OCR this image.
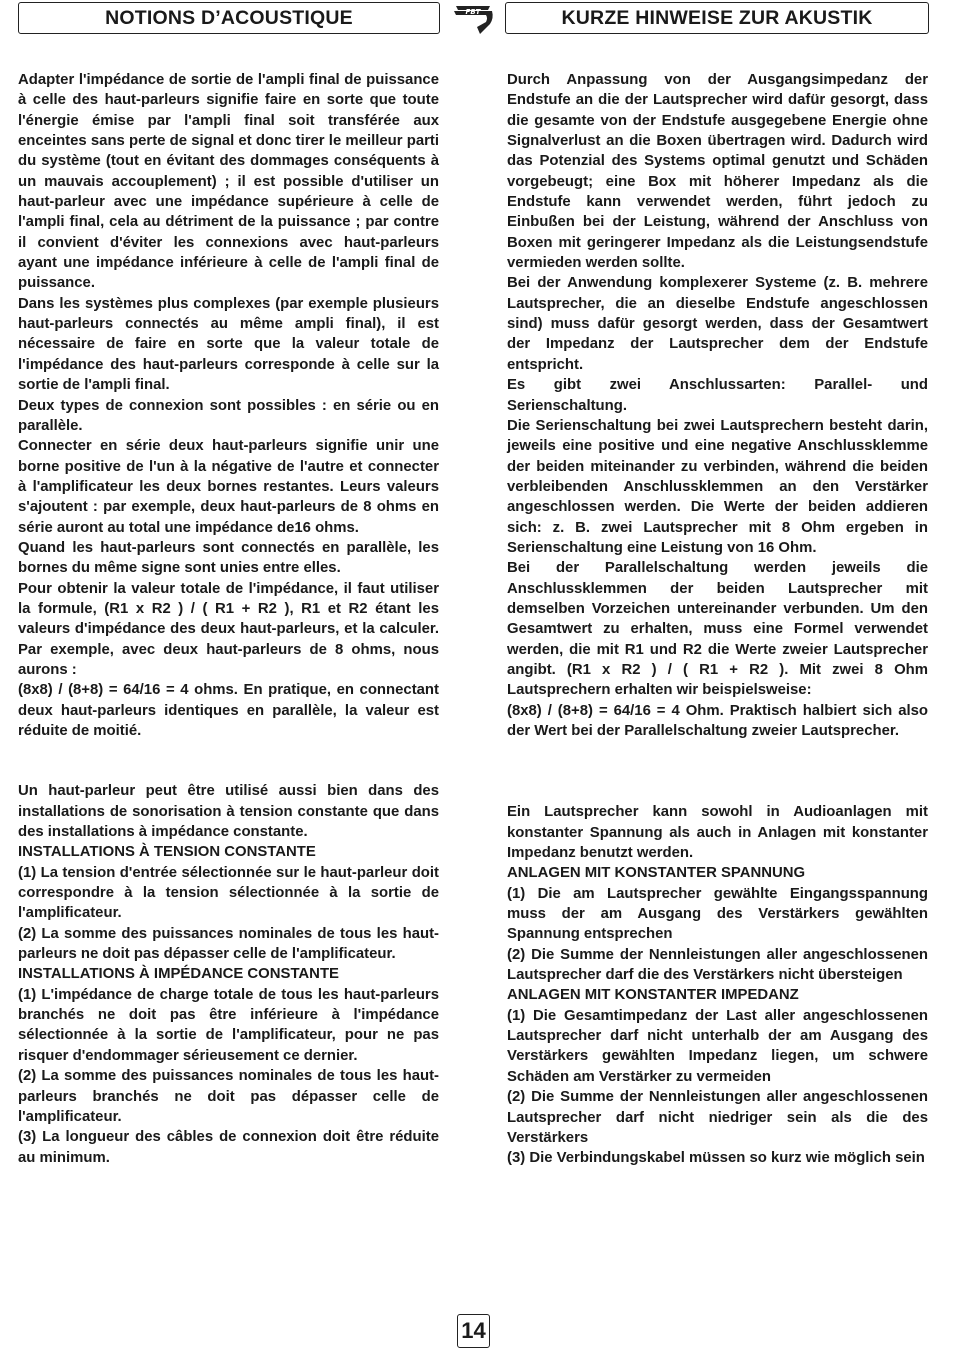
NOTIONS D’ACOUSTIQUE	FBT	KURZE HINWEISE ZUR AKUSTIK

Adapter l'impédance de sortie de l'ampli final de puissance à celle des haut-parleurs signifie faire en sorte que toute l'énergie émise par l'ampli final soit transférée aux enceintes sans perte de signal et donc tirer le meilleur parti du système (tout en évitant des dommages conséquents à un mauvais accouplement) ; il est possible d'utiliser un haut-parleur avec une impédance supérieure à celle de l'ampli final, cela au détriment de la puissance ; par contre il convient d'éviter les connexions avec haut-parleurs ayant une impédance inférieure à celle de l'ampli final de puissance.

Dans les systèmes plus complexes (par exemple plusieurs haut-parleurs connectés au même ampli final), il est nécessaire de faire en sorte que la valeur totale de l'impédance des haut-parleurs corresponde à celle sur la sortie de l'ampli final.

Deux types de connexion sont possibles : en série ou en parallèle.

Connecter en série deux haut-parleurs signifie unir une borne positive de l'un à la négative de l'autre et connecter à l'amplificateur les deux bornes restantes. Leurs valeurs s'ajoutent : par exemple, deux haut-parleurs de 8 ohms en série auront au total une impédance de16 ohms.

Quand les haut-parleurs sont connectés en parallèle, les bornes du même signe sont unies entre elles.

Pour obtenir la valeur totale de l'impédance, il faut utiliser la formule, (R1 x R2 ) / ( R1 + R2 ), R1 et R2 étant les valeurs d'impédance des deux haut-parleurs, et la calculer. Par exemple, avec deux haut-parleurs de 8 ohms, nous aurons :

(8x8) / (8+8) = 64/16 = 4 ohms. En pratique, en connectant deux haut-parleurs identiques en parallèle, la valeur est réduite de moitié.

Un haut-parleur peut être utilisé aussi bien dans des installations de sonorisation à tension constante que dans des installations à impédance constante.

INSTALLATIONS À TENSION CONSTANTE

(1) La tension d'entrée sélectionnée sur le haut-parleur doit correspondre à la tension sélectionnée à la sortie de l'amplificateur.

(2) La somme des puissances nominales de tous les haut-parleurs ne doit pas dépasser celle de l'amplificateur.

INSTALLATIONS À IMPÉDANCE CONSTANTE

(1) L'impédance de charge totale de tous les haut-parleurs branchés ne doit pas être inférieure à l'impédance sélectionnée à la sortie de l'amplificateur, pour ne pas risquer d'endommager sérieusement ce dernier.

(2) La somme des puissances nominales de tous les haut-parleurs branchés ne doit pas dépasser celle de l'amplificateur.

(3) La longueur des câbles de connexion doit être réduite au minimum.

Durch Anpassung von der Ausgangsimpedanz der Endstufe an die der Lautsprecher wird dafür gesorgt, dass die gesamte von der Endstufe ausgegebene Energie ohne Signalverlust an die Boxen übertragen wird. Dadurch wird das Potenzial des Systems optimal genutzt und Schäden vorgebeugt; eine Box mit höherer Impedanz als die Endstufe kann verwendet werden, führt jedoch zu Einbußen bei der Leistung, während der Anschluss von Boxen mit geringerer Impedanz als die Leistungsendstufe vermieden werden sollte.

Bei der Anwendung komplexerer Systeme (z. B. mehrere Lautsprecher, die an dieselbe Endstufe angeschlossen sind) muss dafür gesorgt werden, dass der Gesamtwert der Impedanz der Lautsprecher dem der Endstufe entspricht.

Es gibt zwei Anschlussarten: Parallel- und Serienschaltung.

Die Serienschaltung bei zwei Lautsprechern besteht darin, jeweils eine positive und eine negative Anschlussklemme der beiden miteinander zu verbinden, während die beiden verbleibenden Anschlussklemmen an den Verstärker angeschlossen werden. Die Werte der beiden addieren sich: z. B. zwei Lautsprecher mit 8 Ohm ergeben in Serienschaltung eine Leistung von 16 Ohm.

Bei der Parallelschaltung werden jeweils die Anschlussklemmen der beiden Lautsprecher mit demselben Vorzeichen untereinander verbunden. Um den Gesamtwert zu erhalten, muss eine Formel verwendet werden, die mit R1 und R2 die Werte zweier Lautsprecher angibt. (R1 x R2 ) / ( R1 + R2 ). Mit zwei 8 Ohm Lautsprechern erhalten wir beispielsweise:

(8x8) / (8+8) = 64/16 = 4 Ohm. Praktisch halbiert sich also der Wert bei der Parallelschaltung zweier Lautsprecher.

Ein Lautsprecher kann sowohl in Audioanlagen mit konstanter Spannung als auch in Anlagen mit konstanter Impedanz benutzt werden.

ANLAGEN MIT KONSTANTER SPANNUNG

(1) Die am Lautsprecher gewählte Eingangsspannung muss der am Ausgang des Verstärkers gewählten Spannung entsprechen

(2) Die Summe der Nennleistungen aller angeschlossenen Lautsprecher darf die des Verstärkers nicht übersteigen

ANLAGEN MIT KONSTANTER IMPEDANZ

(1) Die Gesamtimpedanz der Last aller angeschlossenen Lautsprecher darf nicht unterhalb der am Ausgang des Verstärkers gewählten Impedanz liegen, um schwere Schäden am Verstärker zu vermeiden

(2) Die Summe der Nennleistungen aller angeschlossenen Lautsprecher darf nicht niedriger sein als die des Verstärkers

(3) Die Verbindungskabel müssen so kurz wie möglich sein

14
